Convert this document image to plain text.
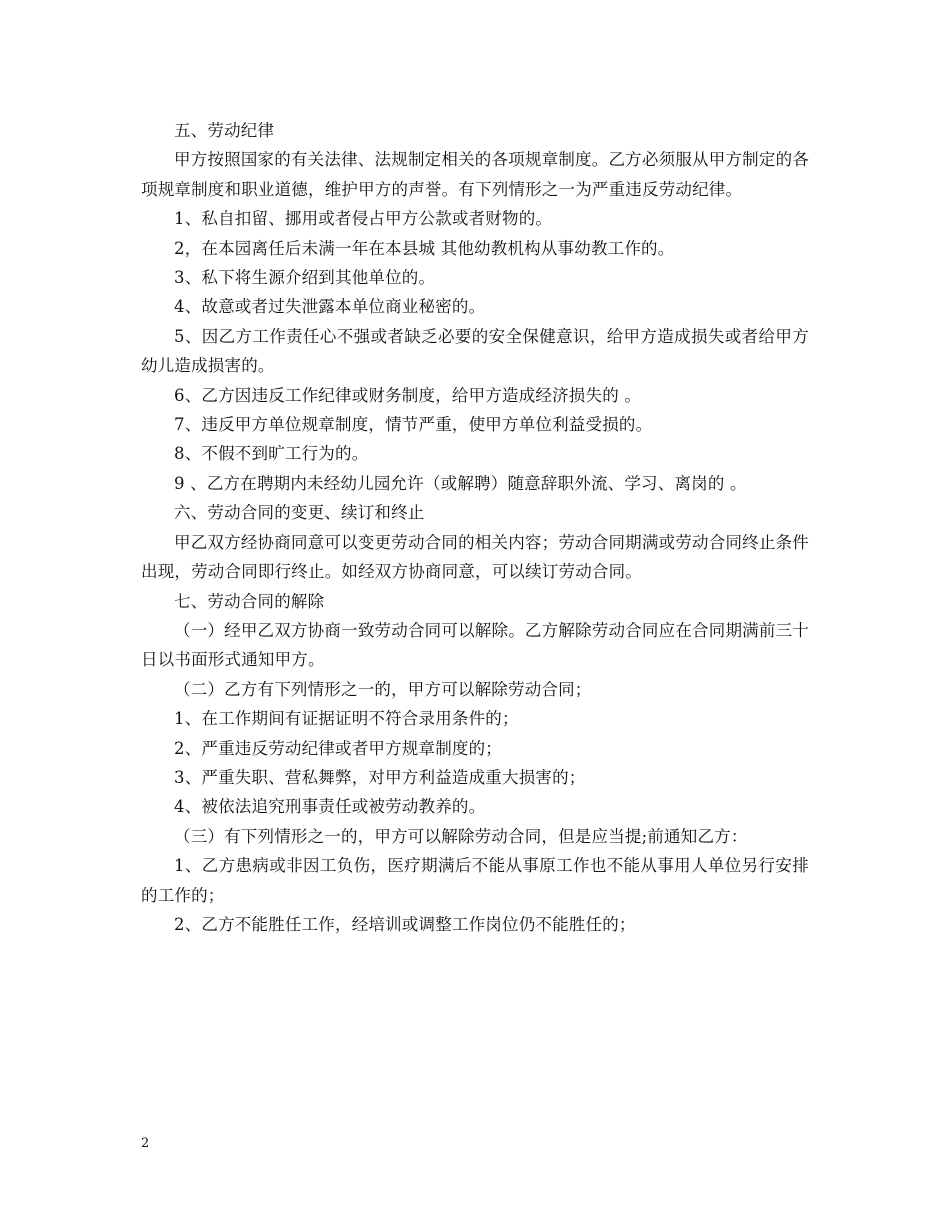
五、劳动纪律

甲方按照国家的有关法律、法规制定相关的各项规章制度。乙方必须服从甲方制定的各项规章制度和职业道德，维护甲方的声誉。有下列情形之一为严重违反劳动纪律。

1、私自扣留、挪用或者侵占甲方公款或者财物的。

2，在本园离任后未满一年在本县城 其他幼教机构从事幼教工作的。

3、私下将生源介绍到其他单位的。

4、故意或者过失泄露本单位商业秘密的。

5、因乙方工作责任心不强或者缺乏必要的安全保健意识，给甲方造成损失或者给甲方幼儿造成损害的。

6、乙方因违反工作纪律或财务制度，给甲方造成经济损失的 。

7、违反甲方单位规章制度，情节严重，使甲方单位利益受损的。

8、不假不到旷工行为的。

9 、乙方在聘期内未经幼儿园允许（或解聘）随意辞职外流、学习、离岗的 。

六、劳动合同的变更、续订和终止

甲乙双方经协商同意可以变更劳动合同的相关内容；劳动合同期满或劳动合同终止条件出现，劳动合同即行终止。如经双方协商同意，可以续订劳动合同。

七、劳动合同的解除

（一）经甲乙双方协商一致劳动合同可以解除。乙方解除劳动合同应在合同期满前三十日以书面形式通知甲方。

（二）乙方有下列情形之一的，甲方可以解除劳动合同；

1、在工作期间有证据证明不符合录用条件的；

2、严重违反劳动纪律或者甲方规章制度的；

3、严重失职、营私舞弊，对甲方利益造成重大损害的；

4、被依法追究刑事责任或被劳动教养的。

（三）有下列情形之一的，甲方可以解除劳动合同，但是应当提;前通知乙方：

1、乙方患病或非因工负伤，医疗期满后不能从事原工作也不能从事用人单位另行安排的工作的；

2、乙方不能胜任工作，经培训或调整工作岗位仍不能胜任的；

2
